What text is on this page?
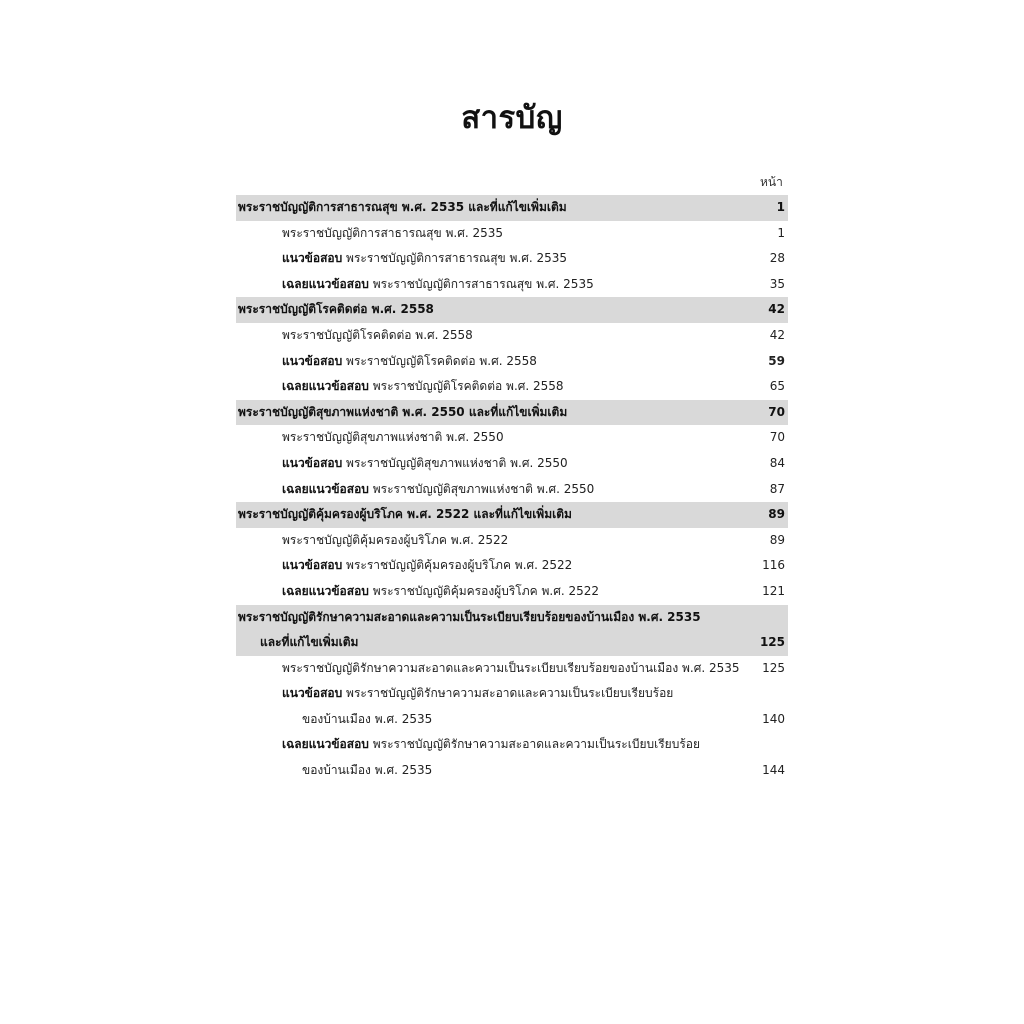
สารบัญ
หน้า
พระราชบัญญัติการสาธารณสุข พ.ศ. 2535 และที่แก้ไขเพิ่มเติม	1
พระราชบัญญัติการสาธารณสุข พ.ศ. 2535	1
แนวข้อสอบ พระราชบัญญัติการสาธารณสุข พ.ศ. 2535	28
เฉลยแนวข้อสอบ พระราชบัญญัติการสาธารณสุข พ.ศ. 2535	35
พระราชบัญญัติโรคติดต่อ พ.ศ. 2558	42
พระราชบัญญัติโรคติดต่อ พ.ศ. 2558	42
แนวข้อสอบ พระราชบัญญัติโรคติดต่อ พ.ศ. 2558	59
เฉลยแนวข้อสอบ พระราชบัญญัติโรคติดต่อ พ.ศ. 2558	65
พระราชบัญญัติสุขภาพแห่งชาติ พ.ศ. 2550 และที่แก้ไขเพิ่มเติม	70
พระราชบัญญัติสุขภาพแห่งชาติ พ.ศ. 2550	70
แนวข้อสอบ พระราชบัญญัติสุขภาพแห่งชาติ พ.ศ. 2550	84
เฉลยแนวข้อสอบ พระราชบัญญัติสุขภาพแห่งชาติ พ.ศ. 2550	87
พระราชบัญญัติคุ้มครองผู้บริโภค พ.ศ. 2522 และที่แก้ไขเพิ่มเติม	89
พระราชบัญญัติคุ้มครองผู้บริโภค พ.ศ. 2522	89
แนวข้อสอบ พระราชบัญญัติคุ้มครองผู้บริโภค พ.ศ. 2522	116
เฉลยแนวข้อสอบ พระราชบัญญัติคุ้มครองผู้บริโภค พ.ศ. 2522	121
พระราชบัญญัติรักษาความสะอาดและความเป็นระเบียบเรียบร้อยของบ้านเมือง พ.ศ. 2535
และที่แก้ไขเพิ่มเติม	125
พระราชบัญญัติรักษาความสะอาดและความเป็นระเบียบเรียบร้อยของบ้านเมือง พ.ศ. 2535	125
แนวข้อสอบ พระราชบัญญัติรักษาความสะอาดและความเป็นระเบียบเรียบร้อย
ของบ้านเมือง พ.ศ. 2535	140
เฉลยแนวข้อสอบ พระราชบัญญัติรักษาความสะอาดและความเป็นระเบียบเรียบร้อย
ของบ้านเมือง พ.ศ. 2535	144
